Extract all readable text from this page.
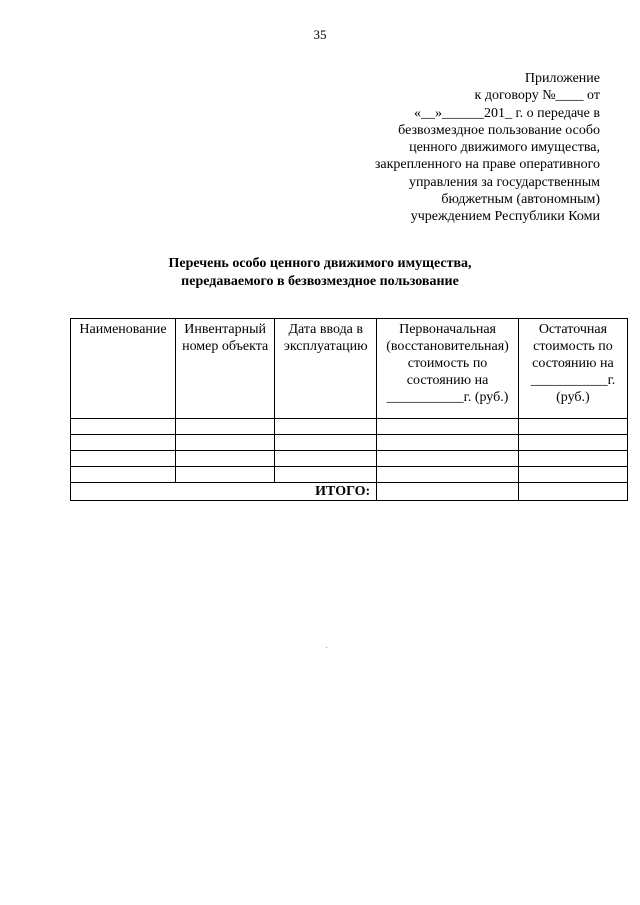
35
Приложение
к договору №____ от
«__»______201_ г. о передаче в
безвозмездное пользование особо
ценного движимого имущества,
закрепленного на праве оперативного
управления за государственным
бюджетным (автономным)
учреждением Республики Коми
Перечень особо ценного движимого имущества,
передаваемого в безвозмездное пользование
Наименование	Инвентарный номер объекта	Дата ввода в эксплуатацию	Первоначальная (восстановительная) стоимость по состоянию на ___________г. (руб.)	Остаточная стоимость по состоянию на ___________г. (руб.)

ИТОГО:				
